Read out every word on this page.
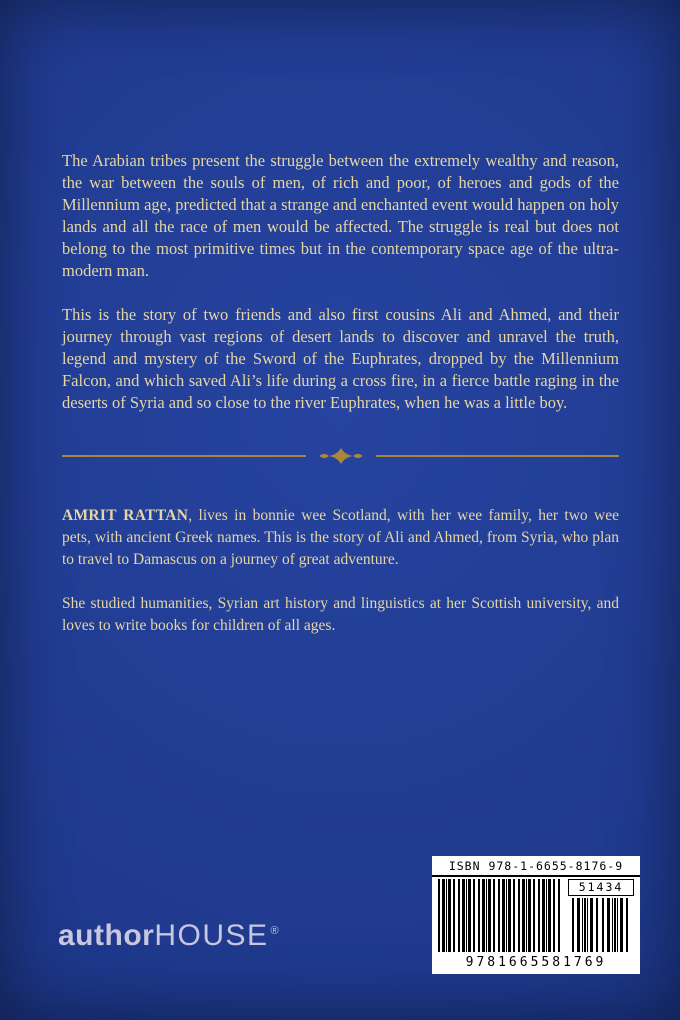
The Arabian tribes present the struggle between the extremely wealthy and reason, the war between the souls of men, of rich and poor, of heroes and gods of the Millennium age, predicted that a strange and enchanted event would happen on holy lands and all the race of men would be affected. The struggle is real but does not belong to the most primitive times but in the contemporary space age of the ultra-modern man.

This is the story of two friends and also first cousins Ali and Ahmed, and their journey through vast regions of desert lands to discover and unravel the truth, legend and mystery of the Sword of the Euphrates, dropped by the Millennium Falcon, and which saved Ali’s life during a cross fire, in a fierce battle raging in the deserts of Syria and so close to the river Euphrates, when he was a little boy.

AMRIT RATTAN, lives in bonnie wee Scotland, with her wee family, her two wee pets, with ancient Greek names. This is the story of Ali and Ahmed, from Syria, who plan to travel to Damascus on a journey of great adventure.

She studied humanities, Syrian art history and linguistics at her Scottish university, and loves to write books for children of all ages.

authorHOUSE ®
ISBN 978-1-6655-8176-9
51434
9781665581769
